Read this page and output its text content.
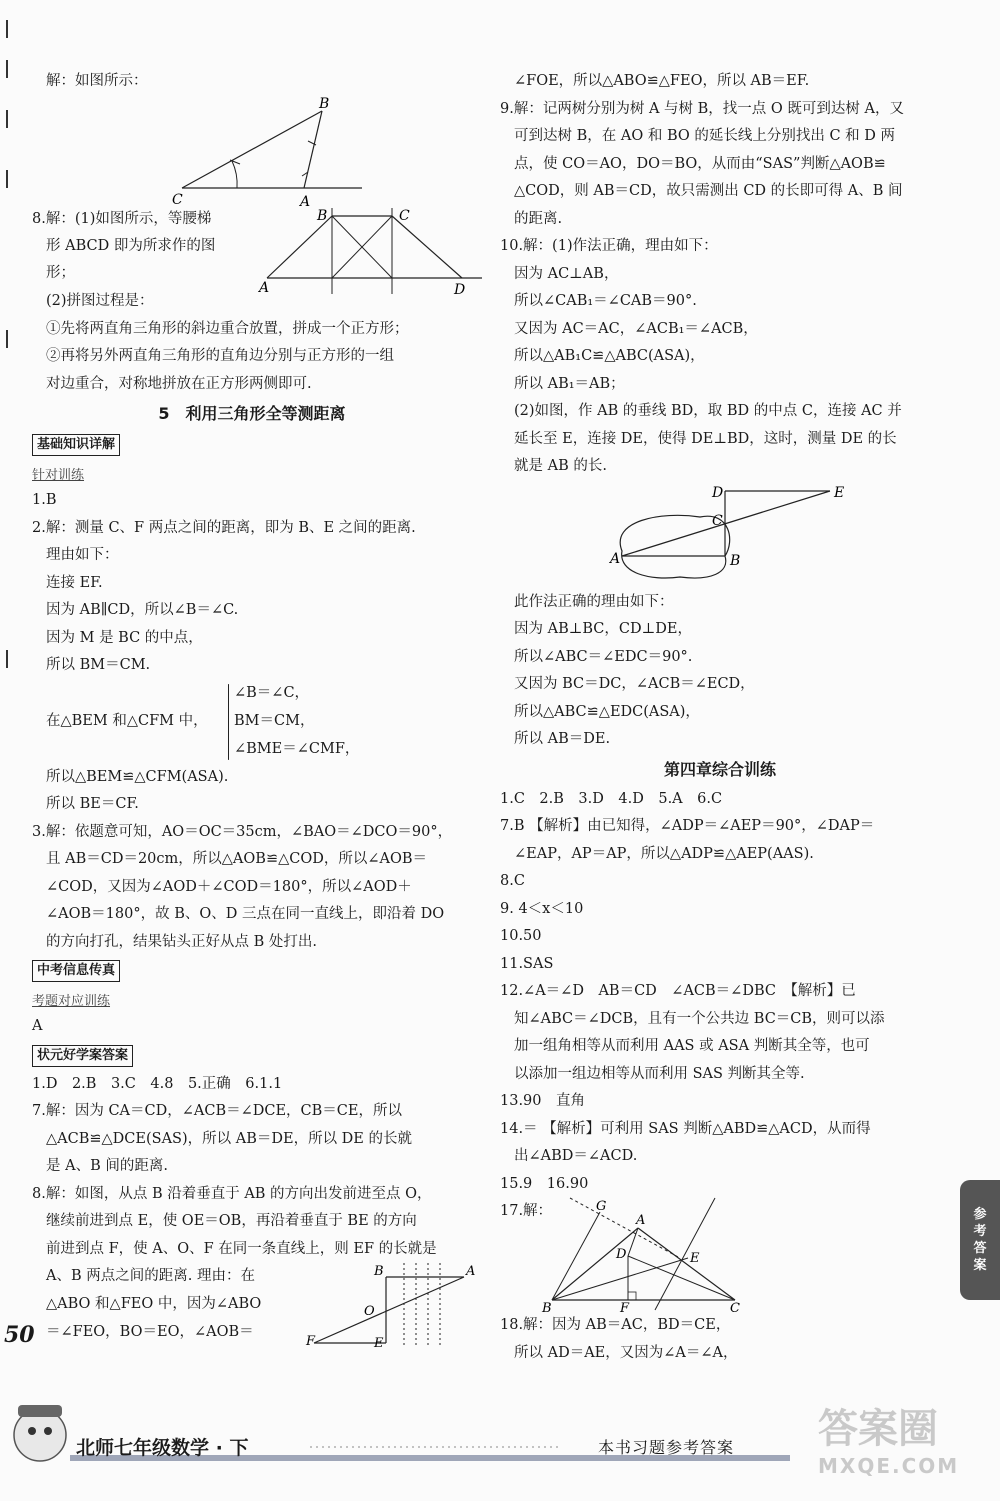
解：如图所示：
B
C	A
8.解：(1)如图所示，等腰梯
形 ABCD 即为所求作的图
形；
(2)拼图过程是：
B	C
A	D
①先将两直角三角形的斜边重合放置，拼成一个正方形；
②再将另外两直角三角形的直角边分别与正方形的一组
对边重合，对称地拼放在正方形两侧即可.
5　利用三角形全等测距离
基础知识详解
针对训练
1.B
2.解：测量 C、F 两点之间的距离，即为 B、E 之间的距离.
理由如下：
连接 EF.
因为 AB∥CD，所以∠B＝∠C.
因为 M 是 BC 的中点，
所以 BM＝CM.
在△BEM 和△CFM 中，
∠B＝∠C，
BM＝CM，
∠BME＝∠CMF，
所以△BEM≌△CFM(ASA).
所以 BE＝CF.
3.解：依题意可知，AO＝OC＝35cm，∠BAO＝∠DCO＝90°，
且 AB＝CD＝20cm，所以△AOB≌△COD，所以∠AOB＝
∠COD，又因为∠AOD＋∠COD＝180°，所以∠AOD＋
∠AOB＝180°，故 B、O、D 三点在同一直线上，即沿着 DO
的方向打孔，结果钻头正好从点 B 处打出.
中考信息传真
考题对应训练
A
状元好学案答案
1.D　2.B　3.C　4.8　5.正确　6.1.1
7.解：因为 CA＝CD，∠ACB＝∠DCE，CB＝CE，所以
△ACB≌△DCE(SAS)，所以 AB＝DE，所以 DE 的长就
是 A、B 间的距离.
8.解：如图，从点 B 沿着垂直于 AB 的方向出发前进至点 O，
继续前进到点 E，使 OE＝OB，再沿着垂直于 BE 的方向
前进到点 F，使 A、O、F 在同一条直线上，则 EF 的长就是
A、B 两点之间的距离. 理由：在
△ABO 和△FEO 中，因为∠ABO
＝∠FEO，BO＝EO，∠AOB＝
B	A
O
F	E
∠FOE，所以△ABO≌△FEO，所以 AB＝EF.
9.解：记两树分别为树 A 与树 B，找一点 O 既可到达树 A，又
可到达树 B，在 AO 和 BO 的延长线上分别找出 C 和 D 两
点，使 CO＝AO，DO＝BO，从而由“SAS”判断△AOB≌
△COD，则 AB＝CD，故只需测出 CD 的长即可得 A、B 间
的距离.
10.解：(1)作法正确，理由如下：
因为 AC⊥AB，
所以∠CAB₁＝∠CAB＝90°.
又因为 AC＝AC，∠ACB₁＝∠ACB，
所以△AB₁C≌△ABC(ASA)，
所以 AB₁＝AB；
(2)如图，作 AB 的垂线 BD，取 BD 的中点 C，连接 AC 并
延长至 E，连接 DE，使得 DE⊥BD，这时，测量 DE 的长
就是 AB 的长.
D	E
C
A	B
此作法正确的理由如下：
因为 AB⊥BC，CD⊥DE，
所以∠ABC＝∠EDC＝90°.
又因为 BC＝DC，∠ACB＝∠ECD，
所以△ABC≌△EDC(ASA)，
所以 AB＝DE.
第四章综合训练
1.C　2.B　3.D　4.D　5.A　6.C
7.B 【解析】由已知得，∠ADP＝∠AEP＝90°，∠DAP＝
∠EAP，AP＝AP，所以△ADP≌△AEP(AAS).
8.C
9. 4＜x＜10
10.50
11.SAS
12.∠A＝∠D　AB＝CD　∠ACB＝∠DBC　【解析】已
知∠ABC＝∠DCB，且有一个公共边 BC＝CB，则可以添
加一组角相等从而利用 AAS 或 ASA 判断其全等，也可
以添加一组边相等从而利用 SAS 判断其全等.
13.90　直角
14.＝ 【解析】可利用 SAS 判断△ABD≌△ACD，从而得
出∠ABD＝∠ACD.
15.9　16.90
17.解：	G
A
D	E
B	F	C
18.解：因为 AB＝AC，BD＝CE，
所以 AD＝AE，又因为∠A＝∠A，
参
考
答
案
50
北师七年级数学 · 下	本书习题参考答案 答案圈
MXQE.COM
